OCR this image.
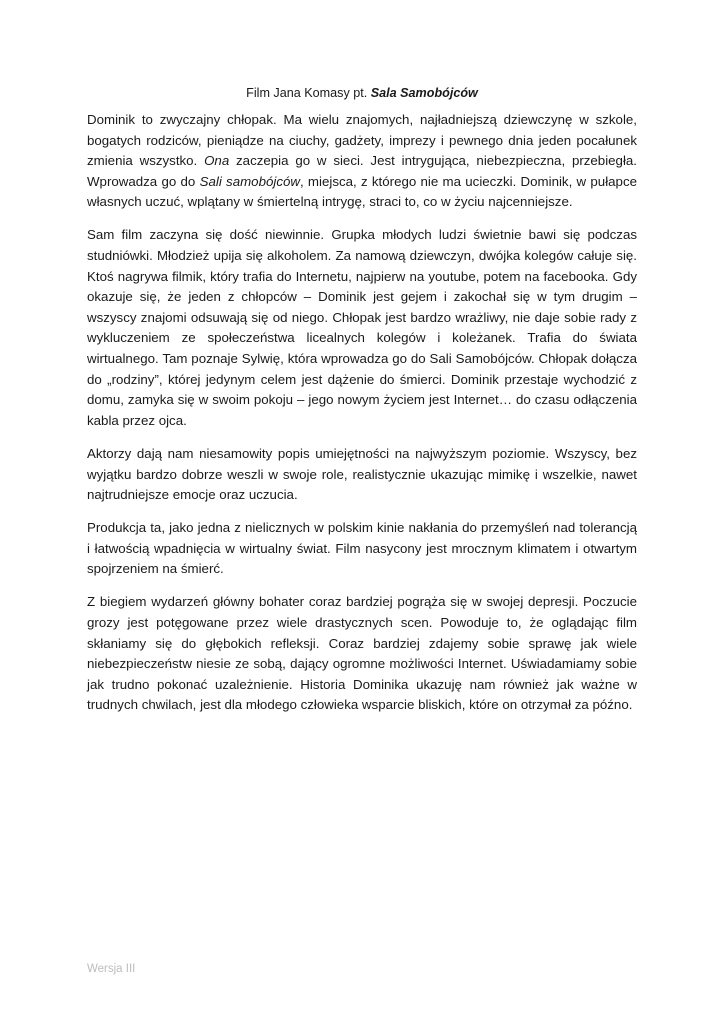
Film Jana Komasy pt. Sala Samobójców

Dominik to zwyczajny chłopak. Ma wielu znajomych, najładniejszą dziewczynę w szkole, bogatych rodziców, pieniądze na ciuchy, gadżety, imprezy i pewnego dnia jeden pocałunek zmienia wszystko. Ona zaczepia go w sieci. Jest intrygująca, niebezpieczna, przebiegła. Wprowadza go do Sali samobójców, miejsca, z którego nie ma ucieczki. Dominik, w pułapce własnych uczuć, wplątany w śmiertelną intrygę, straci to, co w życiu najcenniejsze.

Sam film zaczyna się dość niewinnie. Grupka młodych ludzi świetnie bawi się podczas studniówki. Młodzież upija się alkoholem. Za namową dziewczyn, dwójka kolegów całuje się. Ktoś nagrywa filmik, który trafia do Internetu, najpierw na youtube, potem na facebooka. Gdy okazuje się, że jeden z chłopców – Dominik jest gejem i zakochał się w tym drugim – wszyscy znajomi odsuwają się od niego. Chłopak jest bardzo wrażliwy, nie daje sobie rady z wykluczeniem ze społeczeństwa licealnych kolegów i koleżanek. Trafia do świata wirtualnego. Tam poznaje Sylwię, która wprowadza go do Sali Samobójców. Chłopak dołącza do „rodziny”, której jedynym celem jest dążenie do śmierci. Dominik przestaje wychodzić z domu, zamyka się w swoim pokoju – jego nowym życiem jest Internet… do czasu odłączenia kabla przez ojca.

Aktorzy dają nam niesamowity popis umiejętności na najwyższym poziomie. Wszyscy, bez wyjątku bardzo dobrze weszli w swoje role, realistycznie ukazując mimikę i wszelkie, nawet najtrudniejsze emocje oraz uczucia.

Produkcja ta, jako jedna z nielicznych w polskim kinie nakłania do przemyśleń nad tolerancją i łatwością wpadnięcia w wirtualny świat. Film nasycony jest mrocznym klimatem i otwartym spojrzeniem na śmierć.

Z biegiem wydarzeń główny bohater coraz bardziej pogrąża się w swojej depresji. Poczucie grozy jest potęgowane przez wiele drastycznych scen. Powoduje to, że oglądając film skłaniamy się do głębokich refleksji. Coraz bardziej zdajemy sobie sprawę jak wiele niebezpieczeństw niesie ze sobą, dający ogromne możliwości Internet. Uświadamiamy sobie jak trudno pokonać uzależnienie. Historia Dominika ukazuję nam również jak ważne w trudnych chwilach, jest dla młodego człowieka wsparcie bliskich, które on otrzymał za późno.

Wersja III
